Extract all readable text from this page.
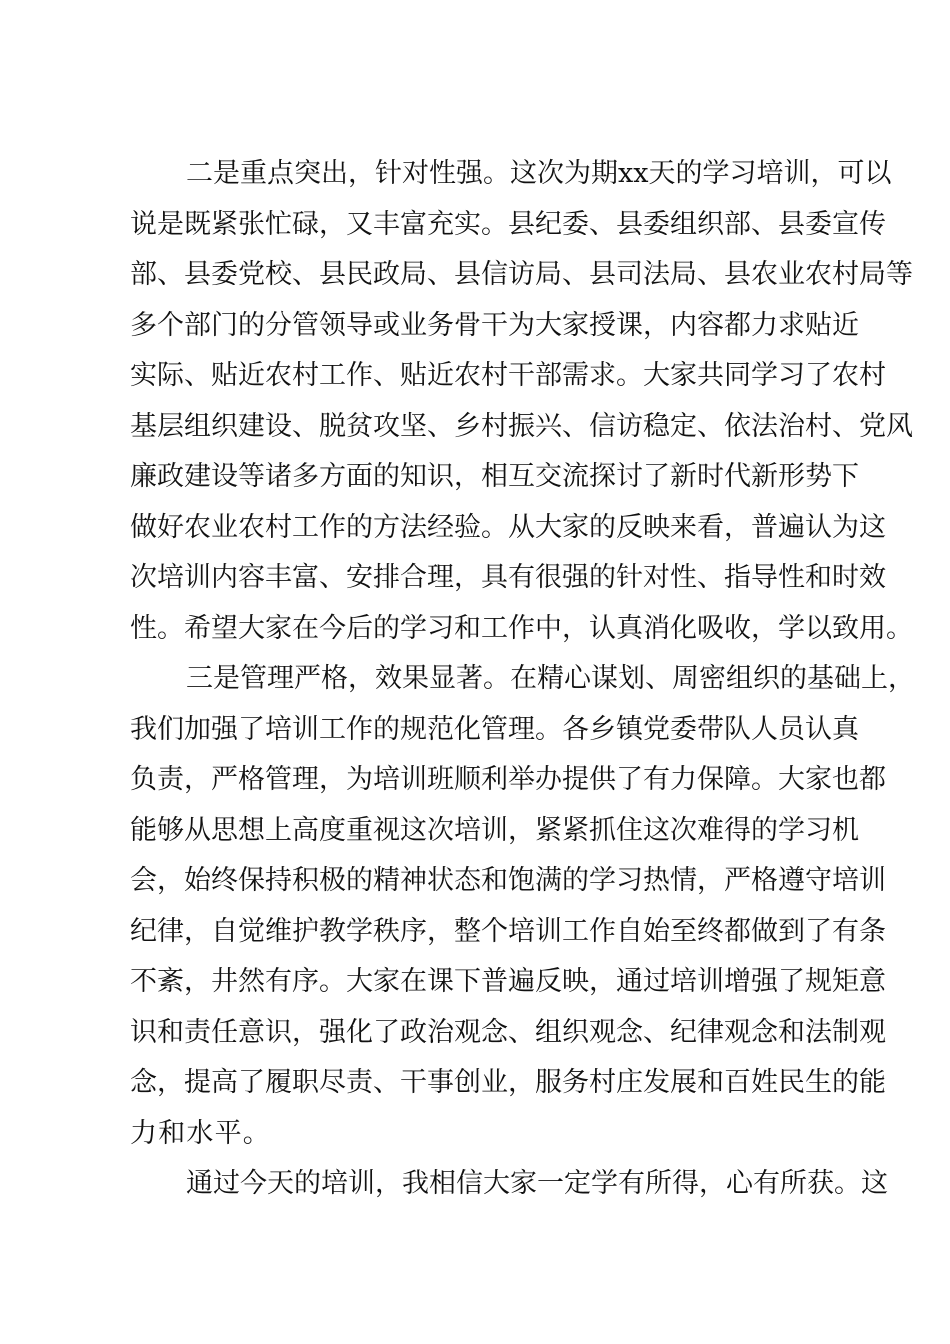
二是重点突出，针对性强。这次为期xx天的学习培训，可以
说是既紧张忙碌，又丰富充实。县纪委、县委组织部、县委宣传
部、县委党校、县民政局、县信访局、县司法局、县农业农村局等
多个部门的分管领导或业务骨干为大家授课，内容都力求贴近
实际、贴近农村工作、贴近农村干部需求。大家共同学习了农村
基层组织建设、脱贫攻坚、乡村振兴、信访稳定、依法治村、党风
廉政建设等诸多方面的知识，相互交流探讨了新时代新形势下
做好农业农村工作的方法经验。从大家的反映来看，普遍认为这
次培训内容丰富、安排合理，具有很强的针对性、指导性和时效
性。希望大家在今后的学习和工作中，认真消化吸收，学以致用。
三是管理严格，效果显著。在精心谋划、周密组织的基础上，
我们加强了培训工作的规范化管理。各乡镇党委带队人员认真
负责，严格管理，为培训班顺利举办提供了有力保障。大家也都
能够从思想上高度重视这次培训，紧紧抓住这次难得的学习机
会，始终保持积极的精神状态和饱满的学习热情，严格遵守培训
纪律，自觉维护教学秩序，整个培训工作自始至终都做到了有条
不紊，井然有序。大家在课下普遍反映，通过培训增强了规矩意
识和责任意识，强化了政治观念、组织观念、纪律观念和法制观
念，提高了履职尽责、干事创业，服务村庄发展和百姓民生的能
力和水平。
通过今天的培训，我相信大家一定学有所得，心有所获。这
